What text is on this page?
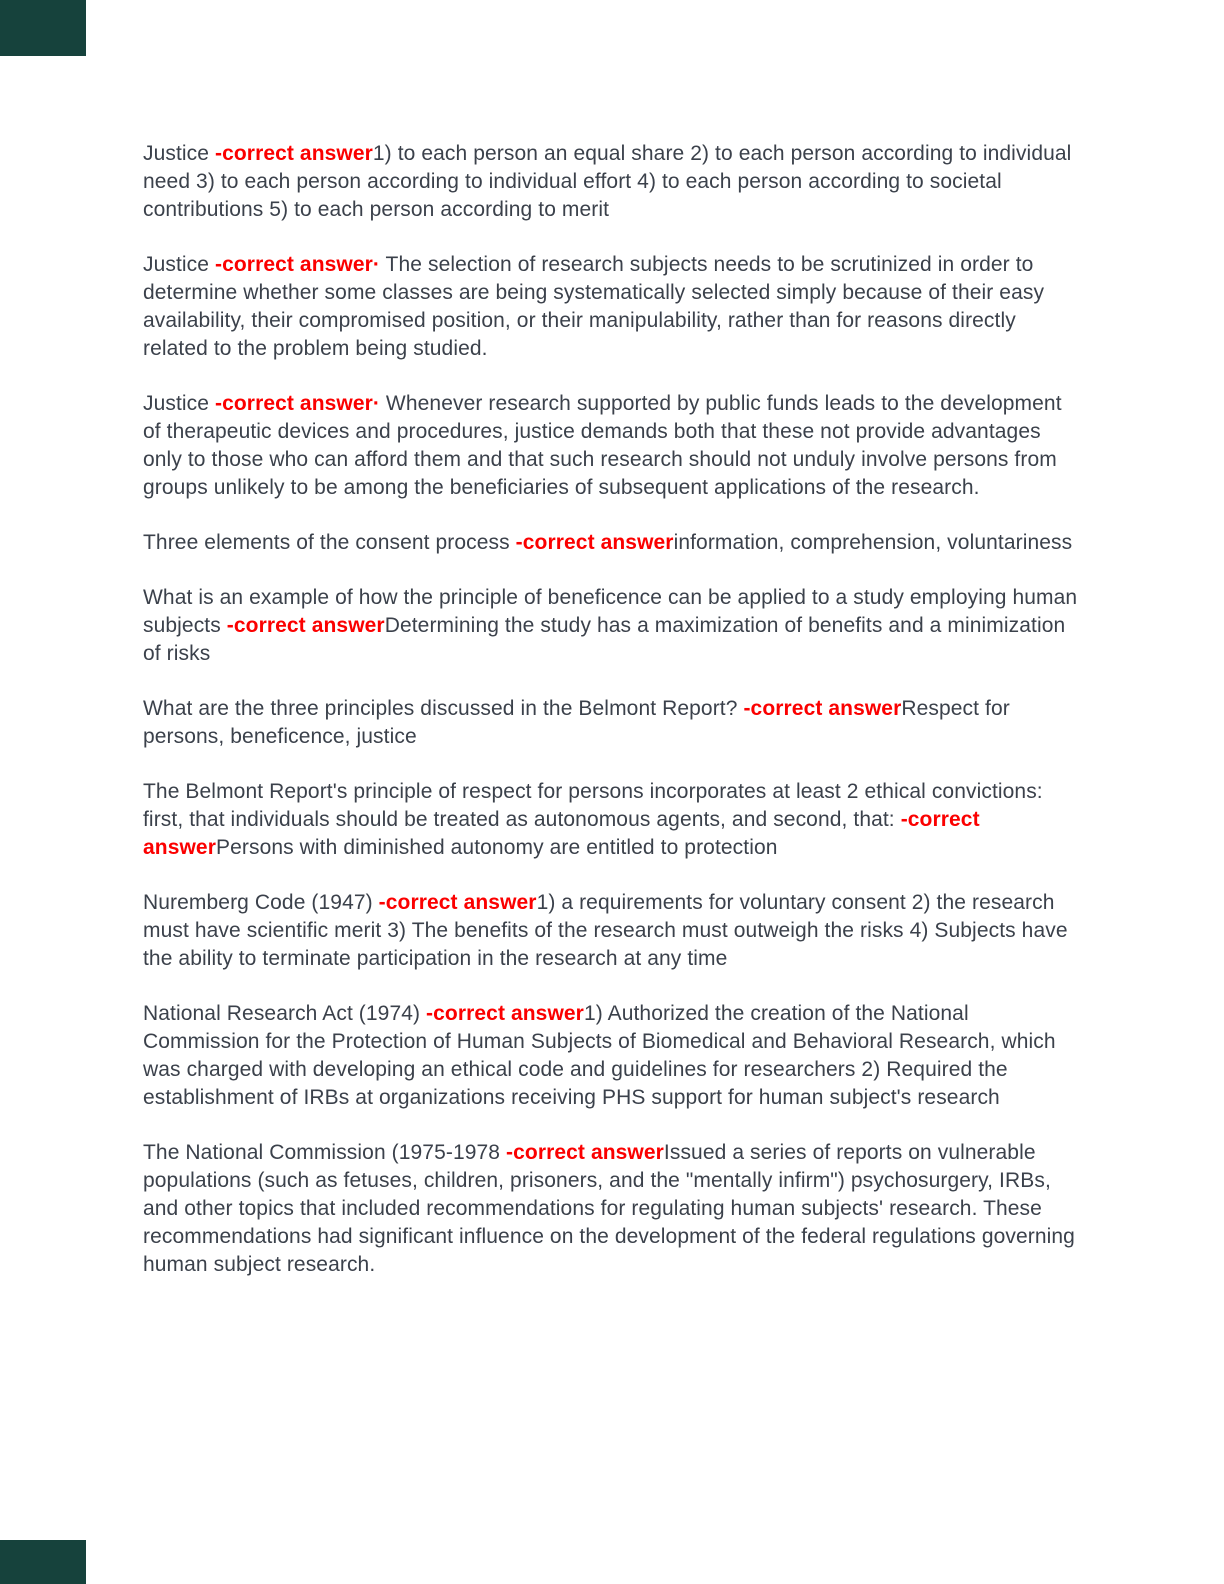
Justice -correct answer1) to each person an equal share 2) to each person according to individual need 3) to each person according to individual effort 4) to each person according to societal contributions 5) to each person according to merit

Justice -correct answer· The selection of research subjects needs to be scrutinized in order to determine whether some classes are being systematically selected simply because of their easy availability, their compromised position, or their manipulability, rather than for reasons directly related to the problem being studied.

Justice -correct answer· Whenever research supported by public funds leads to the development of therapeutic devices and procedures, justice demands both that these not provide advantages only to those who can afford them and that such research should not unduly involve persons from groups unlikely to be among the beneficiaries of subsequent applications of the research.

Three elements of the consent process -correct answerinformation, comprehension, voluntariness

What is an example of how the principle of beneficence can be applied to a study employing human subjects -correct answerDetermining the study has a maximization of benefits and a minimization of risks

What are the three principles discussed in the Belmont Report? -correct answerRespect for persons, beneficence, justice

The Belmont Report's principle of respect for persons incorporates at least 2 ethical convictions: first, that individuals should be treated as autonomous agents, and second, that: -correct answerPersons with diminished autonomy are entitled to protection

Nuremberg Code (1947) -correct answer1) a requirements for voluntary consent 2) the research must have scientific merit 3) The benefits of the research must outweigh the risks 4) Subjects have the ability to terminate participation in the research at any time

National Research Act (1974) -correct answer1) Authorized the creation of the National Commission for the Protection of Human Subjects of Biomedical and Behavioral Research, which was charged with developing an ethical code and guidelines for researchers 2) Required the establishment of IRBs at organizations receiving PHS support for human subject's research

The National Commission (1975-1978 -correct answerIssued a series of reports on vulnerable populations (such as fetuses, children, prisoners, and the "mentally infirm") psychosurgery, IRBs, and other topics that included recommendations for regulating human subjects' research. These recommendations had significant influence on the development of the federal regulations governing human subject research.
